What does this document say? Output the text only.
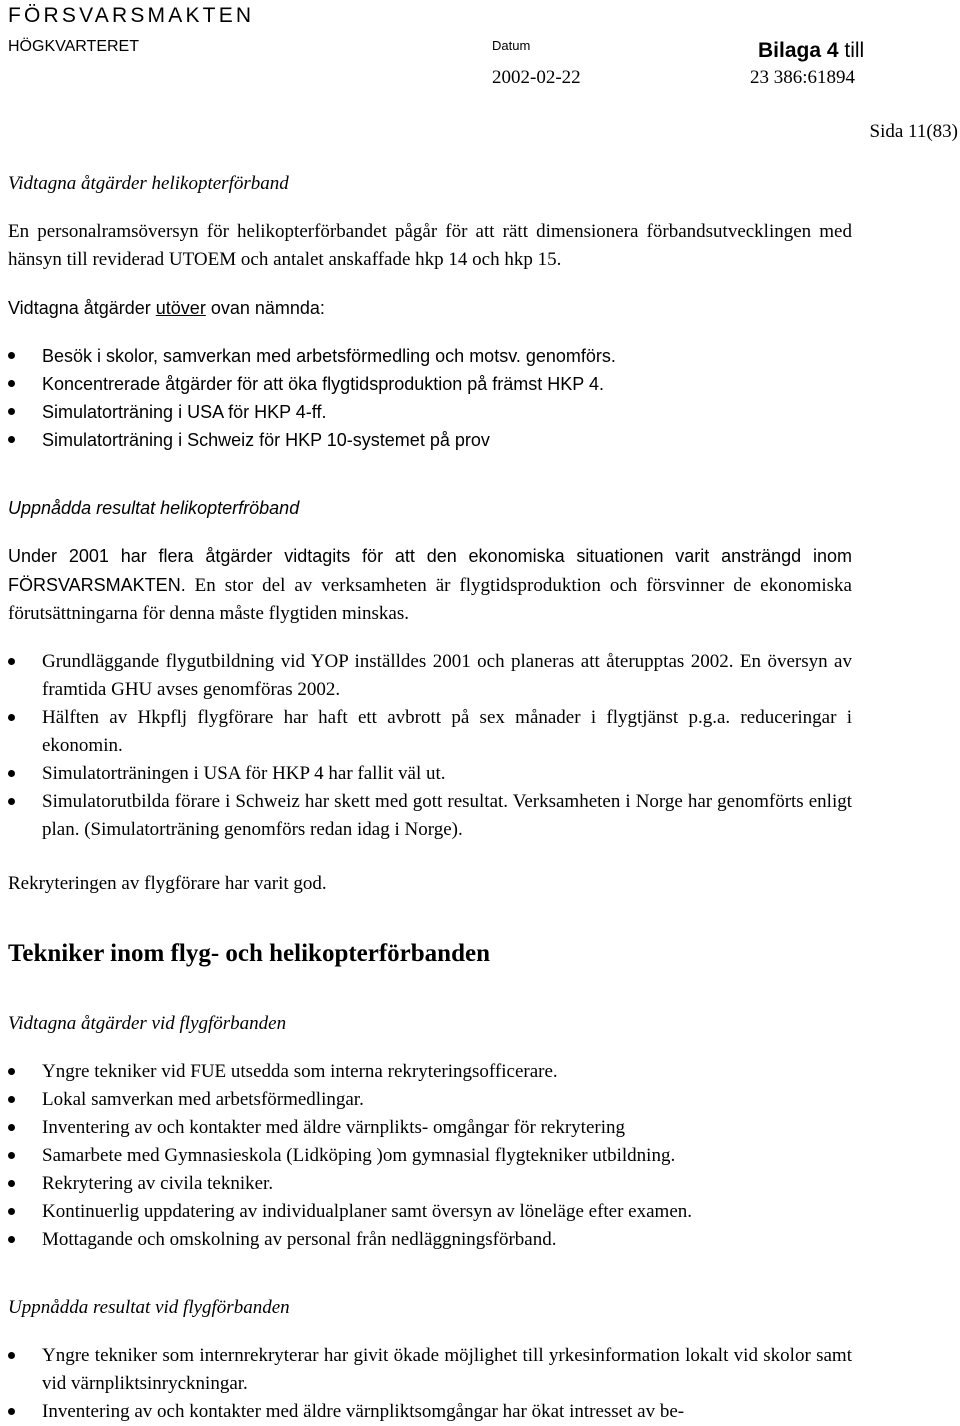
FÖRSVARSMAKTEN
HÖGKVARTERET	Datum
2002-02-22
Bilaga 4 till
23 386:61894
Sida 11(83)

Vidtagna åtgärder helikopterförband

En personalramsöversyn för helikopterförbandet pågår för att rätt dimensionera förbandsutvecklingen med hänsyn till reviderad UTOEM och antalet anskaffade hkp 14 och hkp 15.

Vidtagna åtgärder utöver ovan nämnda:

Besök i skolor, samverkan med arbetsförmedling och motsv. genomförs.
Koncentrerade åtgärder för att öka flygtidsproduktion på främst HKP 4.
Simulatorträning i USA för HKP 4-ff.
Simulatorträning i Schweiz för HKP 10-systemet på prov

Uppnådda resultat helikopterfröband

Under 2001 har flera åtgärder vidtagits för att den ekonomiska situationen varit ansträngd inom FÖRSVARSMAKTEN. En stor del av verksamheten är flygtidsproduktion och försvinner de ekonomiska förutsättningarna för denna måste flygtiden minskas.

Grundläggande flygutbildning vid YOP inställdes 2001 och planeras att återupptas 2002. En översyn av framtida GHU avses genomföras 2002.
Hälften av Hkpflj flygförare har haft ett avbrott på sex månader i flygtjänst p.g.a. reduceringar i ekonomin.
Simulatorträningen i USA för HKP 4 har fallit väl ut.
Simulatorutbilda förare i Schweiz har skett med gott resultat. Verksamheten i Norge har genomförts enligt plan. (Simulatorträning genomförs redan idag i Norge).

Rekryteringen av flygförare har varit god.

Tekniker inom flyg- och helikopterförbanden

Vidtagna åtgärder vid flygförbanden

Yngre tekniker vid FUE utsedda som interna rekryteringsofficerare.
Lokal samverkan med arbetsförmedlingar.
Inventering av och kontakter med äldre värnplikts- omgångar för rekrytering
Samarbete med Gymnasieskola (Lidköping )om gymnasial flygtekniker utbildning.
Rekrytering av civila tekniker.
Kontinuerlig uppdatering av individualplaner samt översyn av löneläge efter examen.
Mottagande och omskolning av personal från nedläggningsförband.

Uppnådda resultat vid flygförbanden

Yngre tekniker som internrekryterar har givit ökade möjlighet till yrkesinformation lokalt vid skolor samt vid värnpliktsinryckningar.
Inventering av och kontakter med äldre värnpliktsomgångar har ökat intresset av be-
